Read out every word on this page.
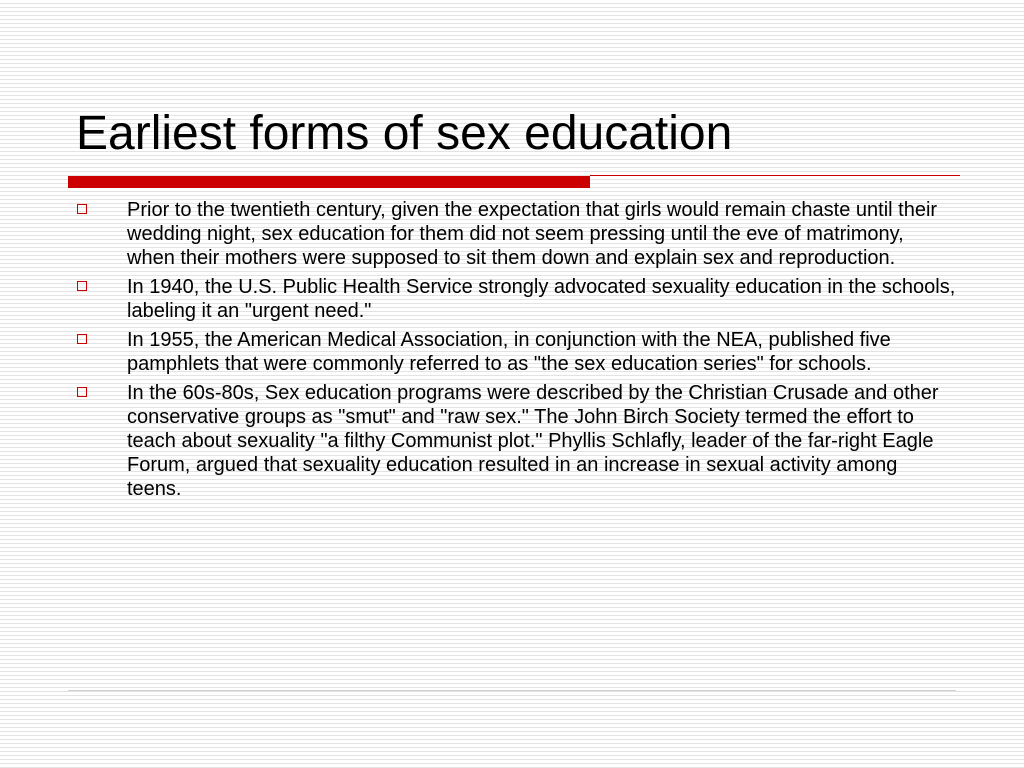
Earliest forms of sex education
Prior to the twentieth century, given the expectation that girls would remain chaste until their wedding night, sex education for them did not seem pressing until the eve of matrimony, when their mothers were supposed to sit them down and explain sex and reproduction.
In 1940, the U.S. Public Health Service strongly advocated sexuality education in the schools, labeling it an "urgent need."
In 1955, the American Medical Association, in conjunction with the NEA, published five pamphlets that were commonly referred to as "the sex education series" for schools.
In the 60s-80s, Sex education programs were described by the Christian Crusade and other conservative groups as "smut" and "raw sex." The John Birch Society termed the effort to teach about sexuality "a filthy Communist plot." Phyllis Schlafly, leader of the far-right Eagle Forum, argued that sexuality education resulted in an increase in sexual activity among teens.
